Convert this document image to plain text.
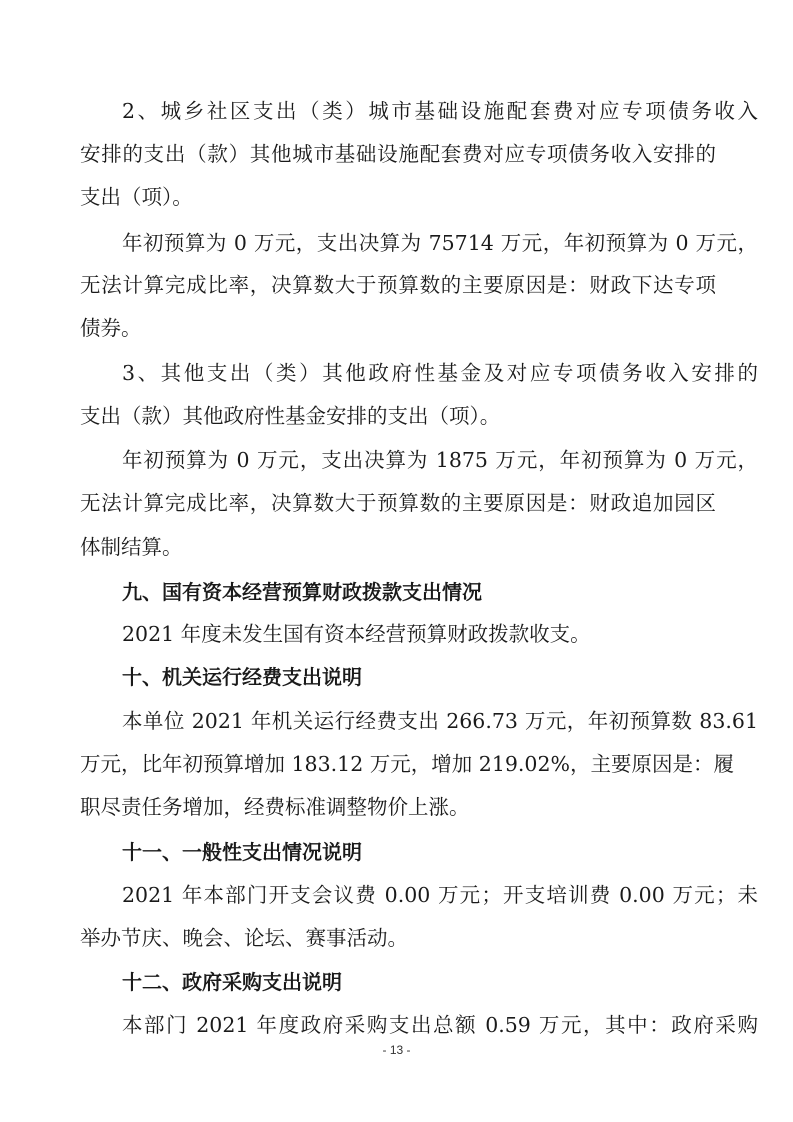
2、城乡社区支出（类）城市基础设施配套费对应专项债务收入
安排的支出（款）其他城市基础设施配套费对应专项债务收入安排的
支出（项）。
年初预算为 0 万元，支出决算为 75714 万元，年初预算为 0 万元，
无法计算完成比率，决算数大于预算数的主要原因是：财政下达专项
债券。
3、其他支出（类）其他政府性基金及对应专项债务收入安排的
支出（款）其他政府性基金安排的支出（项）。
年初预算为 0 万元，支出决算为 1875 万元，年初预算为 0 万元，
无法计算完成比率，决算数大于预算数的主要原因是：财政追加园区
体制结算。
九、国有资本经营预算财政拨款支出情况
2021 年度未发生国有资本经营预算财政拨款收支。
十、机关运行经费支出说明
本单位 2021 年机关运行经费支出 266.73 万元，年初预算数 83.61
万元，比年初预算增加 183.12 万元，增加 219.02%，主要原因是：履
职尽责任务增加，经费标准调整物价上涨。
十一、一般性支出情况说明
2021 年本部门开支会议费 0.00 万元；开支培训费 0.00 万元；未
举办节庆、晚会、论坛、赛事活动。
十二、政府采购支出说明
本部门 2021 年度政府采购支出总额 0.59 万元，其中：政府采购
- 13 -
